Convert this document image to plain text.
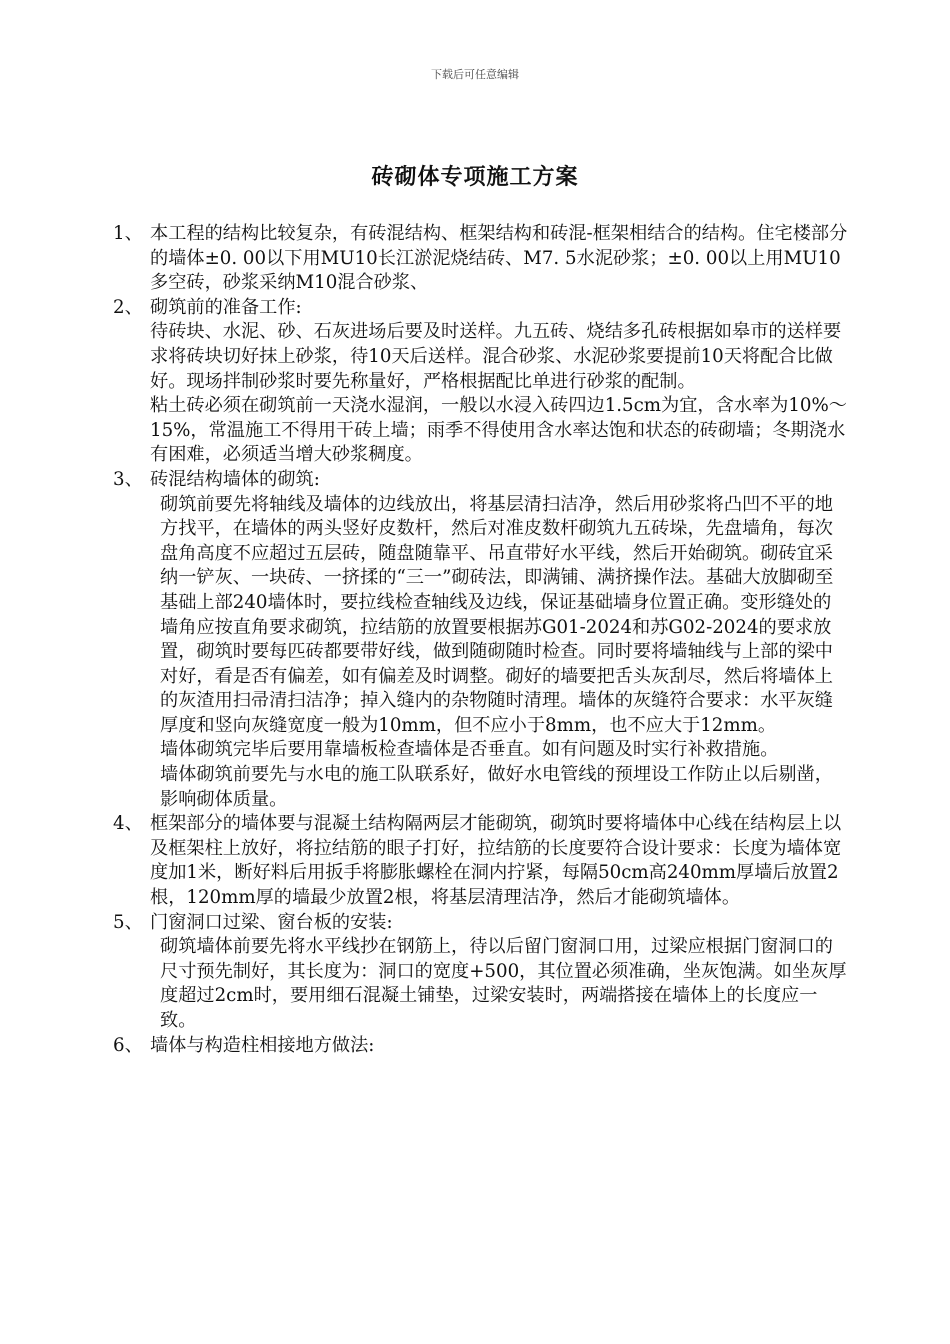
下载后可任意编辑
砖砌体专项施工方案
1、 本工程的结构比较复杂，有砖混结构、框架结构和砖混-框架相结合的结构。住宅楼部分的墙体±0. 00以下用MU10长江淤泥烧结砖、M7. 5水泥砂浆；±0. 00以上用MU10多空砖，砂浆采纳M10混合砂浆、
2、 砌筑前的准备工作:
待砖块、水泥、砂、石灰进场后要及时送样。九五砖、烧结多孔砖根据如皋市的送样要求将砖块切好抹上砂浆，待10天后送样。混合砂浆、水泥砂浆要提前10天将配合比做好。现场拌制砂浆时要先称量好，严格根据配比单进行砂浆的配制。
粘土砖必须在砌筑前一天浇水湿润，一般以水浸入砖四边1.5cm为宜，含水率为10%～15%，常温施工不得用干砖上墙；雨季不得使用含水率达饱和状态的砖砌墙；冬期浇水有困难，必须适当增大砂浆稠度。
3、 砖混结构墙体的砌筑:
砌筑前要先将轴线及墙体的边线放出，将基层清扫洁净，然后用砂浆将凸凹不平的地方找平，在墙体的两头竖好皮数杆，然后对准皮数杆砌筑九五砖垛，先盘墙角，每次盘角高度不应超过五层砖，随盘随靠平、吊直带好水平线，然后开始砌筑。砌砖宜采纳一铲灰、一块砖、一挤揉的“三一”砌砖法，即满铺、满挤操作法。基础大放脚砌至基础上部240墙体时，要拉线检查轴线及边线，保证基础墙身位置正确。变形缝处的墙角应按直角要求砌筑，拉结筋的放置要根据苏G01-2024和苏G02-2024的要求放置，砌筑时要每匹砖都要带好线，做到随砌随时检查。同时要将墙轴线与上部的梁中对好，看是否有偏差，如有偏差及时调整。砌好的墙要把舌头灰刮尽，然后将墙体上的灰渣用扫帚清扫洁净；掉入缝内的杂物随时清理。墙体的灰缝符合要求：水平灰缝厚度和竖向灰缝宽度一般为10mm，但不应小于8mm，也不应大于12mm。
墙体砌筑完毕后要用靠墙板检查墙体是否垂直。如有问题及时实行补救措施。
墙体砌筑前要先与水电的施工队联系好，做好水电管线的预埋设工作防止以后剔凿，影响砌体质量。
4、 框架部分的墙体要与混凝土结构隔两层才能砌筑，砌筑时要将墙体中心线在结构层上以及框架柱上放好，将拉结筋的眼子打好，拉结筋的长度要符合设计要求：长度为墙体宽度加1米，断好料后用扳手将膨胀螺栓在洞内拧紧，每隔50cm高240mm厚墙后放置2根，120mm厚的墙最少放置2根，将基层清理洁净，然后才能砌筑墙体。
5、 门窗洞口过梁、窗台板的安装:
砌筑墙体前要先将水平线抄在钢筋上，待以后留门窗洞口用，过梁应根据门窗洞口的尺寸预先制好，其长度为：洞口的宽度+500，其位置必须准确，坐灰饱满。如坐灰厚度超过2cm时，要用细石混凝土铺垫，过梁安装时，两端搭接在墙体上的长度应一致。
6、 墙体与构造柱相接地方做法:
